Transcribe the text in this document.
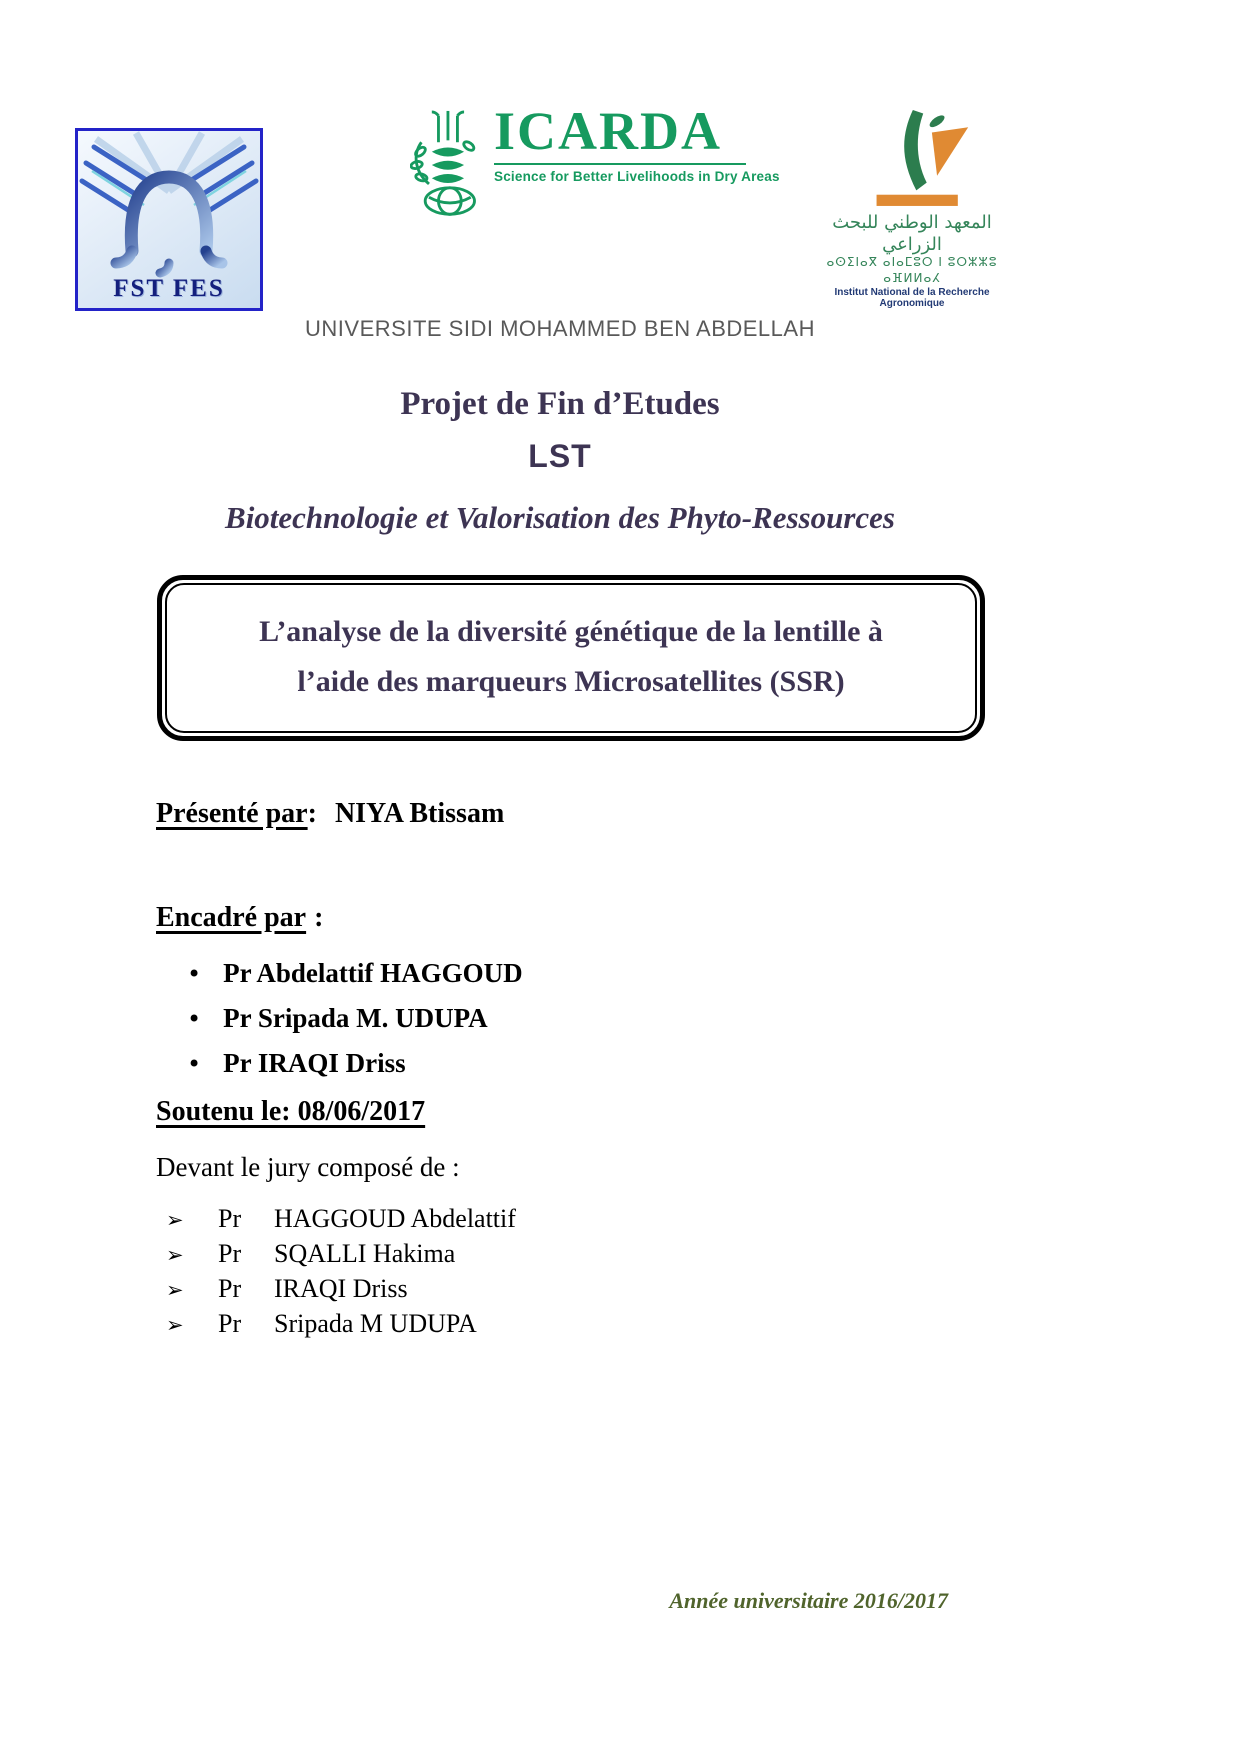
FST FES
ICARDA
Science for Better Livelihoods in Dry Areas
المعهد الوطني للبحث الزراعي
ⴰⵙⵉⵏⴰⴳ ⴰⵏⴰⵎⵓⵔ ⵏ ⵓⵔⵣⵣⵓ ⴰⴼⵍⵍⴰⵃ
Institut National de la Recherche Agronomique
UNIVERSITE SIDI MOHAMMED BEN ABDELLAH
Projet de Fin d’Etudes
LST
Biotechnologie et Valorisation des Phyto-Ressources
L’analyse de la diversité génétique de la lentille à
l’aide des marqueurs Microsatellites (SSR)
Présenté par: NIYA Btissam
Encadré par :
• Pr Abdelattif HAGGOUD
• Pr Sripada M. UDUPA
• Pr IRAQI Driss
Soutenu le: 08/06/2017
Devant le jury composé de :
➢	Pr	HAGGOUD Abdelattif
➢	Pr	SQALLI Hakima
➢	Pr	IRAQI Driss
➢	Pr	Sripada M UDUPA
Année universitaire 2016/2017
